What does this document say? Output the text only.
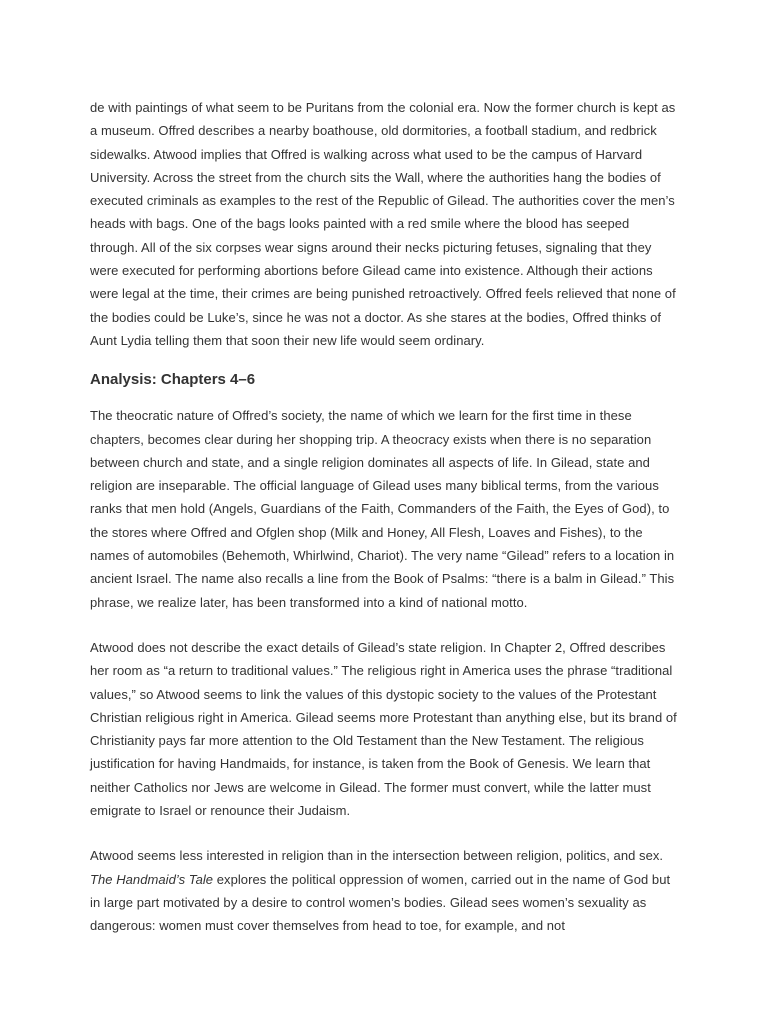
de with paintings of what seem to be Puritans from the colonial era. Now the former church is kept as a museum. Offred describes a nearby boathouse, old dormitories, a football stadium, and redbrick sidewalks. Atwood implies that Offred is walking across what used to be the campus of Harvard University. Across the street from the church sits the Wall, where the authorities hang the bodies of executed criminals as examples to the rest of the Republic of Gilead. The authorities cover the men’s heads with bags. One of the bags looks painted with a red smile where the blood has seeped through. All of the six corpses wear signs around their necks picturing fetuses, signaling that they were executed for performing abortions before Gilead came into existence. Although their actions were legal at the time, their crimes are being punished retroactively. Offred feels relieved that none of the bodies could be Luke’s, since he was not a doctor. As she stares at the bodies, Offred thinks of Aunt Lydia telling them that soon their new life would seem ordinary.

Analysis: Chapters 4–6

The theocratic nature of Offred’s society, the name of which we learn for the first time in these chapters, becomes clear during her shopping trip. A theocracy exists when there is no separation between church and state, and a single religion dominates all aspects of life. In Gilead, state and religion are inseparable. The official language of Gilead uses many biblical terms, from the various ranks that men hold (Angels, Guardians of the Faith, Commanders of the Faith, the Eyes of God), to the stores where Offred and Ofglen shop (Milk and Honey, All Flesh, Loaves and Fishes), to the names of automobiles (Behemoth, Whirlwind, Chariot). The very name “Gilead” refers to a location in ancient Israel. The name also recalls a line from the Book of Psalms: “there is a balm in Gilead.” This phrase, we realize later, has been transformed into a kind of national motto.

Atwood does not describe the exact details of Gilead’s state religion. In Chapter 2, Offred describes her room as “a return to traditional values.” The religious right in America uses the phrase “traditional values,” so Atwood seems to link the values of this dystopic society to the values of the Protestant Christian religious right in America. Gilead seems more Protestant than anything else, but its brand of Christianity pays far more attention to the Old Testament than the New Testament. The religious justification for having Handmaids, for instance, is taken from the Book of Genesis. We learn that neither Catholics nor Jews are welcome in Gilead. The former must convert, while the latter must emigrate to Israel or renounce their Judaism.

Atwood seems less interested in religion than in the intersection between religion, politics, and sex. The Handmaid’s Tale explores the political oppression of women, carried out in the name of God but in large part motivated by a desire to control women’s bodies. Gilead sees women’s sexuality as dangerous: women must cover themselves from head to toe, for example, and not
